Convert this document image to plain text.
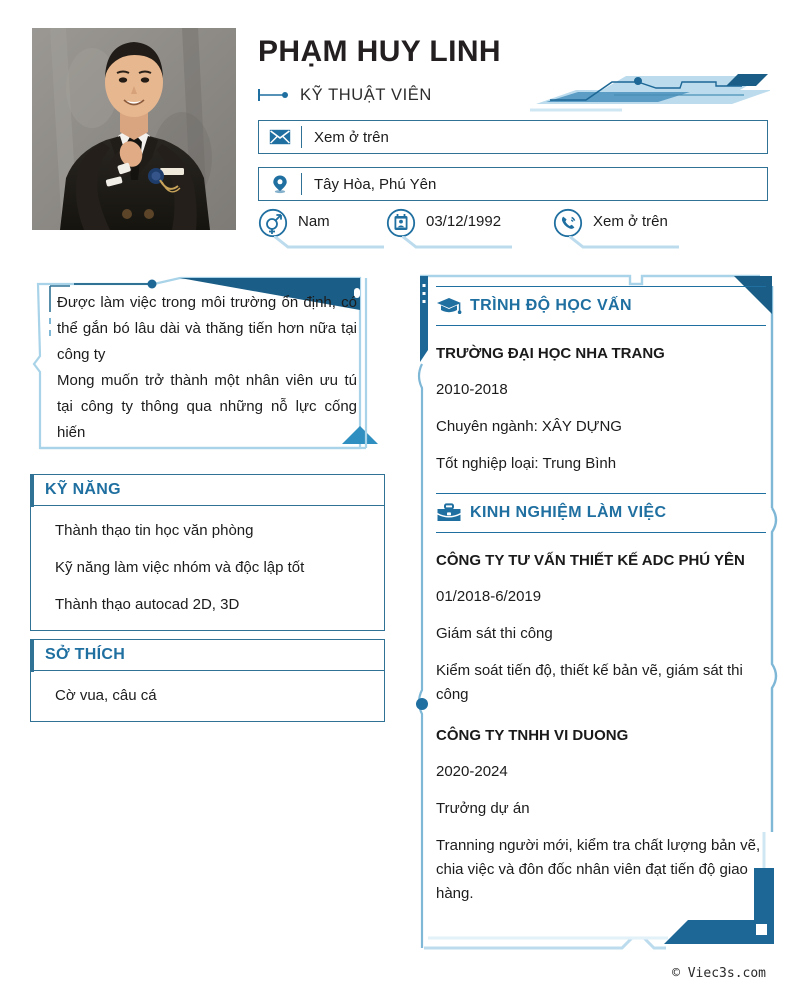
PHẠM HUY LINH
KỸ THUẬT VIÊN
Xem ở trên
Tây Hòa, Phú Yên
Nam	03/12/1992	Xem ở trên

Được làm việc trong môi trường ổn định, có thể gắn bó lâu dài và thăng tiến hơn nữa tại công ty

Mong muốn trở thành một nhân viên ưu tú tại công ty thông qua những nỗ lực cống hiến

KỸ NĂNG
Thành thạo tin học văn phòng
Kỹ năng làm việc nhóm và độc lập tốt
Thành thạo autocad 2D, 3D
SỞ THÍCH
Cờ vua, câu cá
TRÌNH ĐỘ HỌC VẤN
TRƯỜNG ĐẠI HỌC NHA TRANG
2010-2018
Chuyên ngành: XÂY DỰNG
Tốt nghiệp loại: Trung Bình
KINH NGHIỆM LÀM VIỆC
CÔNG TY TƯ VẤN THIẾT KẾ ADC PHÚ YÊN
01/2018-6/2019
Giám sát thi công
Kiểm soát tiến độ, thiết kế bản vẽ, giám sát thi công
CÔNG TY TNHH VI DUONG
2020-2024
Trưởng dự án
Tranning người mới, kiểm tra chất lượng bản vẽ, chia việc và đôn đốc nhân viên đạt tiến độ giao hàng.
© Viec3s.com
